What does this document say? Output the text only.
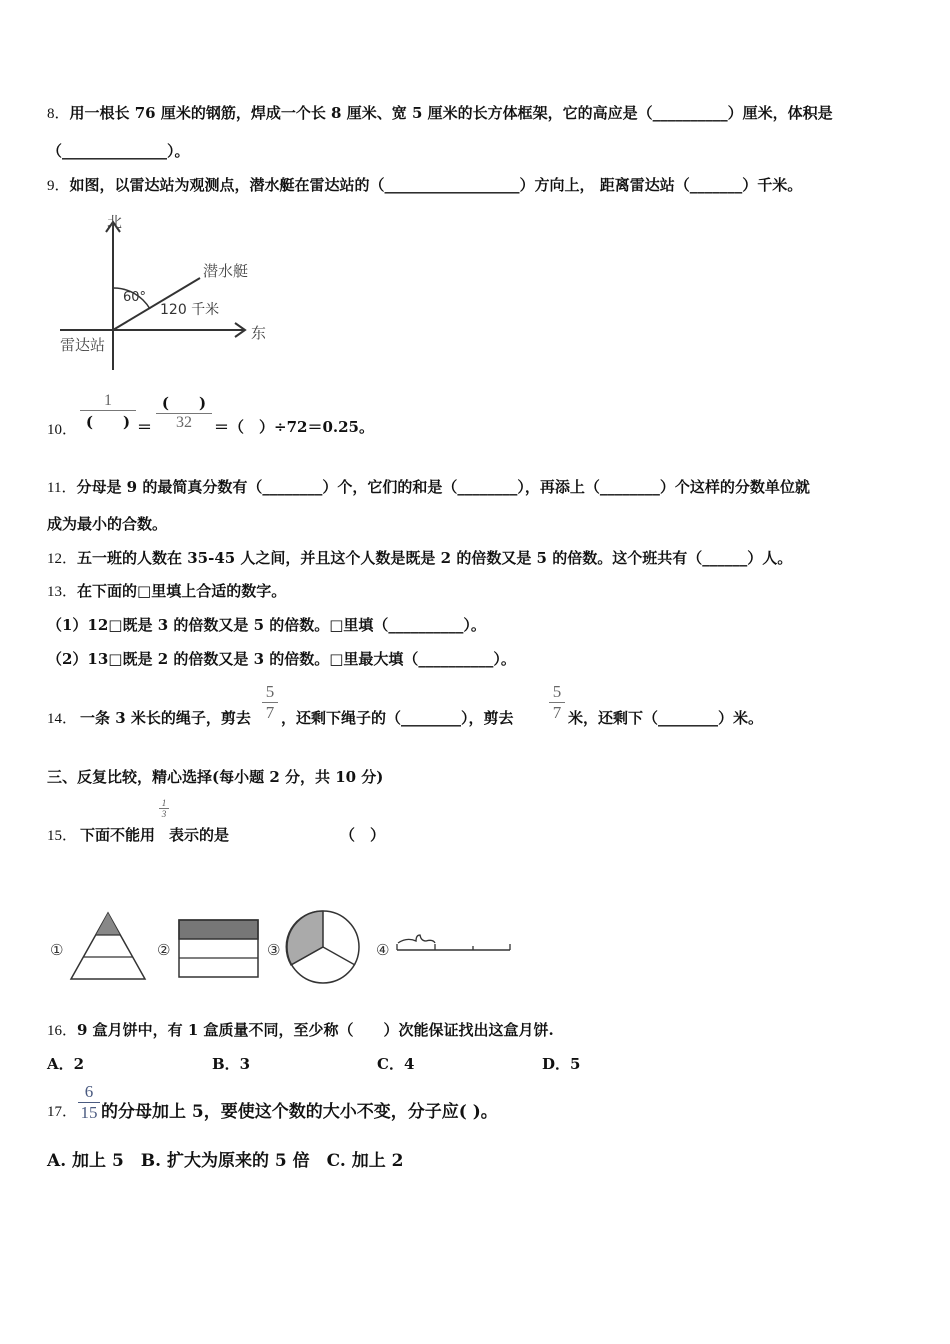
8．用一根长 76 厘米的钢筋，焊成一个长 8 厘米、宽 5 厘米的长方体框架，它的高应是（__________）厘米，体积是
（______________）。
9．如图，以雷达站为观测点，潜水艇在雷达站的（__________________）方向上， 距离雷达站（_______）千米。
北
东
雷达站
潜水艇
60°
120 千米
10．
1
(　　) ＝
(　　)
32	＝（　）÷72＝0.25。
11．分母是 9 的最简真分数有（________）个，它们的和是（________），再添上（________）个这样的分数单位就
成为最小的合数。
12．五一班的人数在 35-45 人之间，并且这个人数是既是 2 的倍数又是 5 的倍数。这个班共有（______）人。
13．在下面的□里填上合适的数字。
（1）12□既是 3 的倍数又是 5 的倍数。□里填（__________）。
（2）13□既是 2 的倍数又是 3 的倍数。□里最大填（__________）。
14． 一条 3 米长的绳子，剪去
5
7 ，还剩下绳子的（________），剪去
5
7 米，还剩下（________）米。
三、反复比较，精心选择(每小题 2 分，共 10 分)
15． 下面不能用
1
3
表示的是	（　）
①	②	③	④
16．9 盒月饼中，有 1 盒质量不同，至少称（　　）次能保证找出这盒月饼.
A．2	B．3	C．4	D．5
17．
6
15 的分母加上 5，要使这个数的大小不变，分子应( )。
A. 加上 5　B. 扩大为原来的 5 倍　C. 加上 2
